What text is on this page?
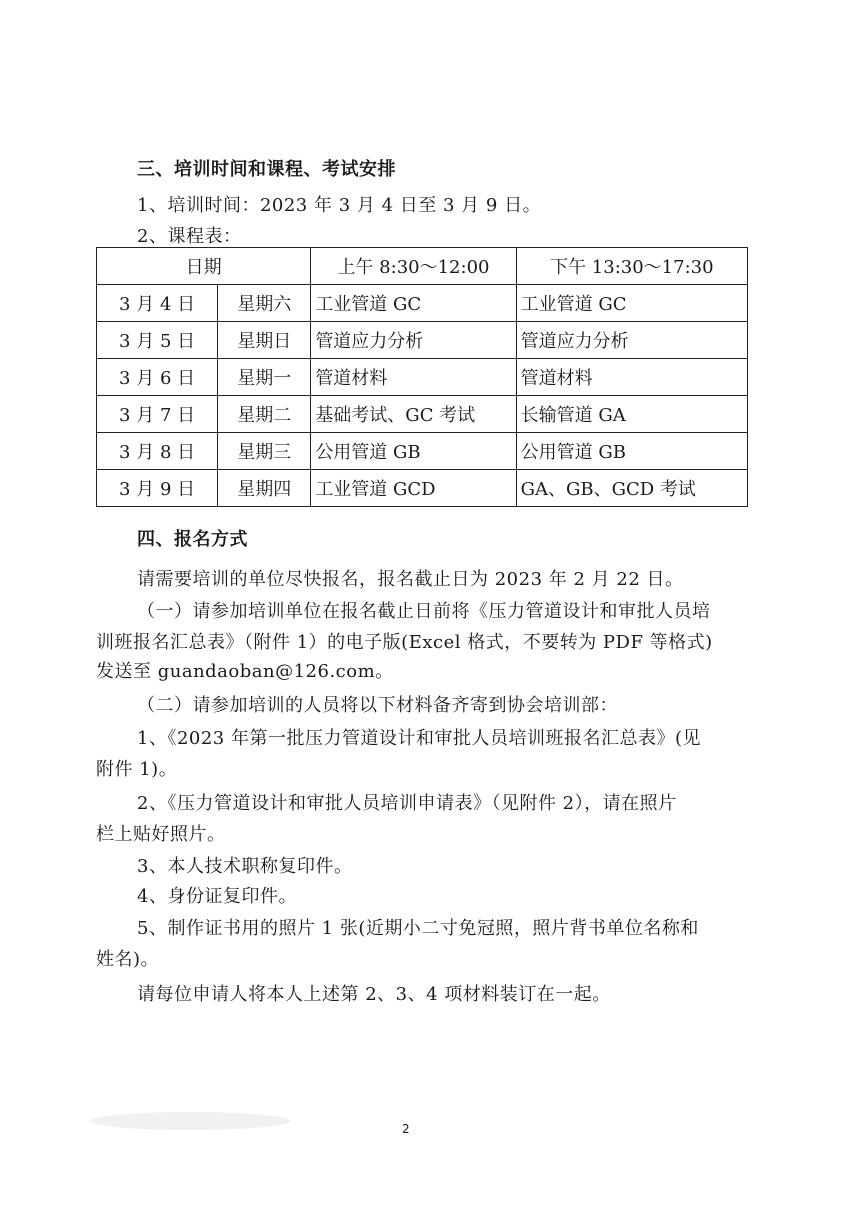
三、培训时间和课程、考试安排
1、培训时间：2023 年 3 月 4 日至 3 月 9 日。
2、课程表：
日期		上午 8:30～12:00	下午 13:30～17:30
3 月 4 日	星期六	工业管道 GC	工业管道 GC
3 月 5 日	星期日	管道应力分析	管道应力分析
3 月 6 日	星期一	管道材料	管道材料
3 月 7 日	星期二	基础考试、GC 考试	长输管道 GA
3 月 8 日	星期三	公用管道 GB	公用管道 GB
3 月 9 日	星期四	工业管道 GCD	GA、GB、GCD 考试
四、报名方式
请需要培训的单位尽快报名，报名截止日为 2023 年 2 月 22 日。
（一）请参加培训单位在报名截止日前将《压力管道设计和审批人员培
训班报名汇总表》（附件 1）的电子版(Excel 格式，不要转为 PDF 等格式)
发送至 guandaoban@126.com。
（二）请参加培训的人员将以下材料备齐寄到协会培训部：
1、《2023 年第一批压力管道设计和审批人员培训班报名汇总表》(见
附件 1)。
2、《压力管道设计和审批人员培训申请表》（见附件 2），请在照片
栏上贴好照片。
3、本人技术职称复印件。
4、身份证复印件。
5、制作证书用的照片 1 张(近期小二寸免冠照，照片背书单位名称和
姓名)。
请每位申请人将本人上述第 2、3、4 项材料装订在一起。
2
